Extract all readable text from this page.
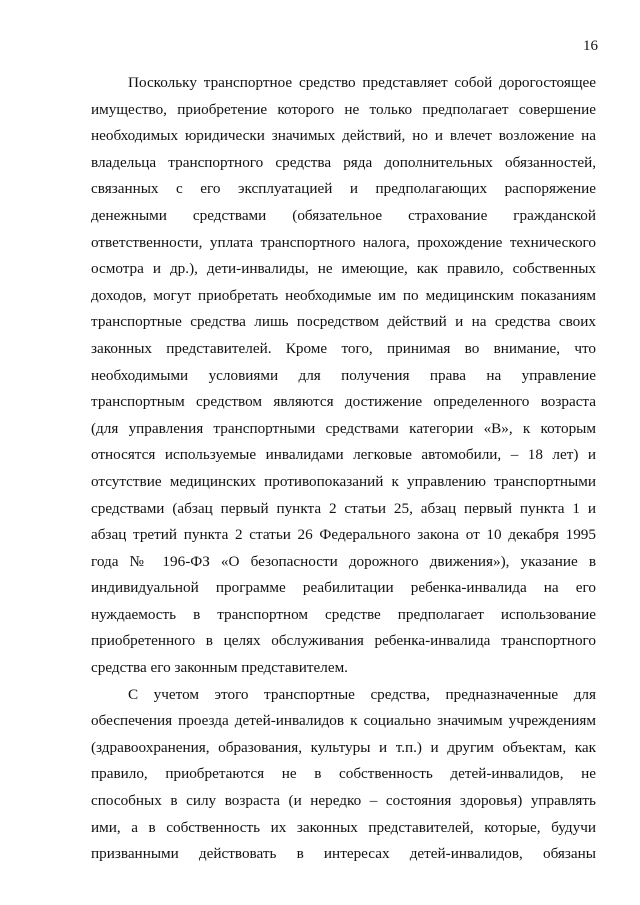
16
Поскольку транспортное средство представляет собой дорогостоящее
имущество, приобретение которого не только предполагает совершение
необходимых юридически значимых действий, но и влечет возложение на
владельца транспортного средства ряда дополнительных обязанностей,
связанных с его эксплуатацией и предполагающих распоряжение
денежными средствами (обязательное страхование гражданской
ответственности, уплата транспортного налога, прохождение технического
осмотра и др.), дети-инвалиды, не имеющие, как правило, собственных
доходов, могут приобретать необходимые им по медицинским показаниям
транспортные средства лишь посредством действий и на средства своих
законных представителей. Кроме того, принимая во внимание, что
необходимыми условиями для получения права на управление
транспортным средством являются достижение определенного возраста
(для управления транспортными средствами категории «B», к которым
относятся используемые инвалидами легковые автомобили, – 18 лет) и
отсутствие медицинских противопоказаний к управлению транспортными
средствами (абзац первый пункта 2 статьи 25, абзац первый пункта 1 и
абзац третий пункта 2 статьи 26 Федерального закона от 10 декабря 1995
года № 196-ФЗ «О безопасности дорожного движения»), указание в
индивидуальной программе реабилитации ребенка-инвалида на его
нуждаемость в транспортном средстве предполагает использование
приобретенного в целях обслуживания ребенка-инвалида транспортного
средства его законным представителем.
С учетом этого транспортные средства, предназначенные для
обеспечения проезда детей-инвалидов к социально значимым учреждениям
(здравоохранения, образования, культуры и т.п.) и другим объектам, как
правило, приобретаются не в собственность детей-инвалидов, не
способных в силу возраста (и нередко – состояния здоровья) управлять
ими, а в собственность их законных представителей, которые, будучи
призванными действовать в интересах детей-инвалидов, обязаны
